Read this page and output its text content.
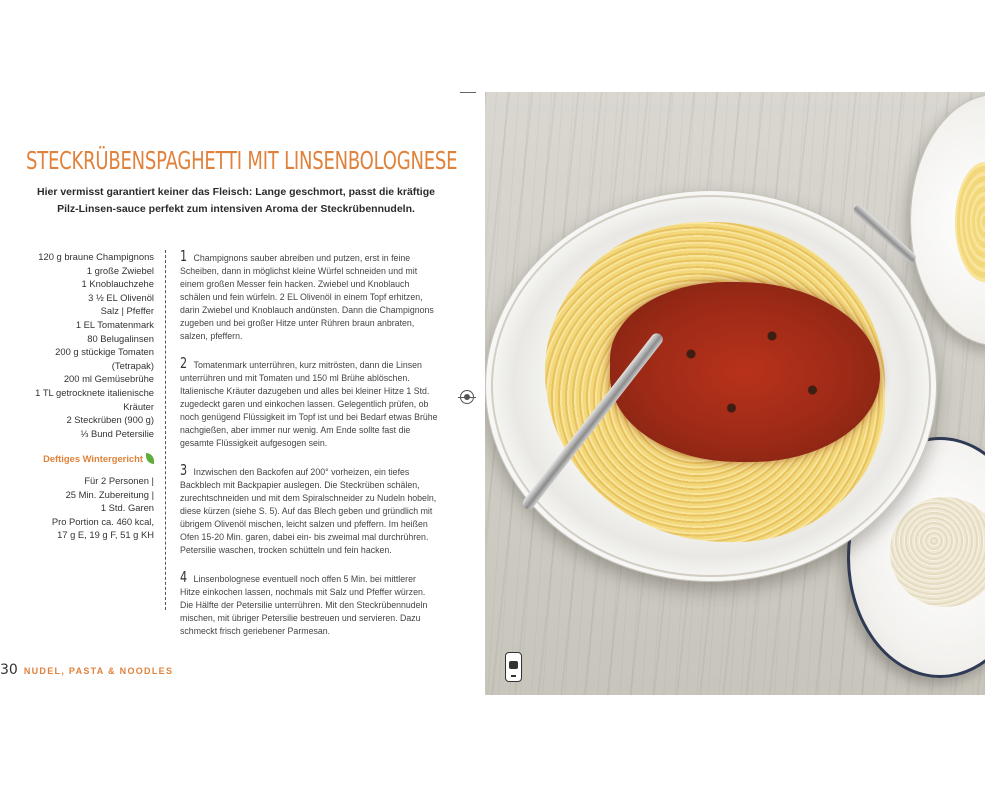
STECKRÜBENSPAGHETTI MIT LINSENBOLOGNESE
Hier vermisst garantiert keiner das Fleisch: Lange geschmort, passt die kräftige Pilz-Linsen-sauce perfekt zum intensiven Aroma der Steckrübennudeln.
120 g braune Champignons
1 große Zwiebel
1 Knoblauchzehe
3 ½ EL Olivenöl
Salz | Pfeffer
1 EL Tomatenmark
80 Belugalinsen
200 g stückige Tomaten
(Tetrapak)
200 ml Gemüsebrühe
1 TL getrocknete italienische
Kräuter
2 Steckrüben (900 g)
⅓ Bund Petersilie
Deftiges Wintergericht
Für 2 Personen |
25 Min. Zubereitung |
1 Std. Garen
Pro Portion ca. 460 kcal,
17 g E, 19 g F, 51 g KH
1 Champignons sauber abreiben und putzen, erst in feine Scheiben, dann in möglichst kleine Würfel schneiden und mit einem großen Messer fein hacken. Zwiebel und Knoblauch schälen und fein würfeln. 2 EL Olivenöl in einem Topf erhitzen, darin Zwiebel und Knoblauch andünsten. Dann die Champignons zugeben und bei großer Hitze unter Rühren braun anbraten, salzen, pfeffern.
2 Tomatenmark unterrühren, kurz mitrösten, dann die Linsen unterrühren und mit Tomaten und 150 ml Brühe ablöschen. Italienische Kräuter dazugeben und alles bei kleiner Hitze 1 Std. zugedeckt garen und einkochen lassen. Gelegentlich prüfen, ob noch genügend Flüssigkeit im Topf ist und bei Bedarf etwas Brühe nachgießen, aber immer nur wenig. Am Ende sollte fast die gesamte Flüssigkeit aufgesogen sein.
3 Inzwischen den Backofen auf 200° vorheizen, ein tiefes Backblech mit Backpapier auslegen. Die Steckrüben schälen, zurechtschneiden und mit dem Spiralschneider zu Nudeln hobeln, diese kürzen (siehe S. 5). Auf das Blech geben und gründlich mit übrigem Olivenöl mischen, leicht salzen und pfeffern. Im heißen Ofen 15-20 Min. garen, dabei ein- bis zweimal mal durchrühren. Petersilie waschen, trocken schütteln und fein hacken.
4 Linsenbolognese eventuell noch offen 5 Min. bei mittlerer Hitze einkochen lassen, nochmals mit Salz und Pfeffer würzen. Die Hälfte der Petersilie unterrühren. Mit den Steckrübennudeln mischen, mit übriger Petersilie bestreuen und servieren. Dazu schmeckt frisch geriebener Parmesan.
30 NUDEL, PASTA & NOODLES
